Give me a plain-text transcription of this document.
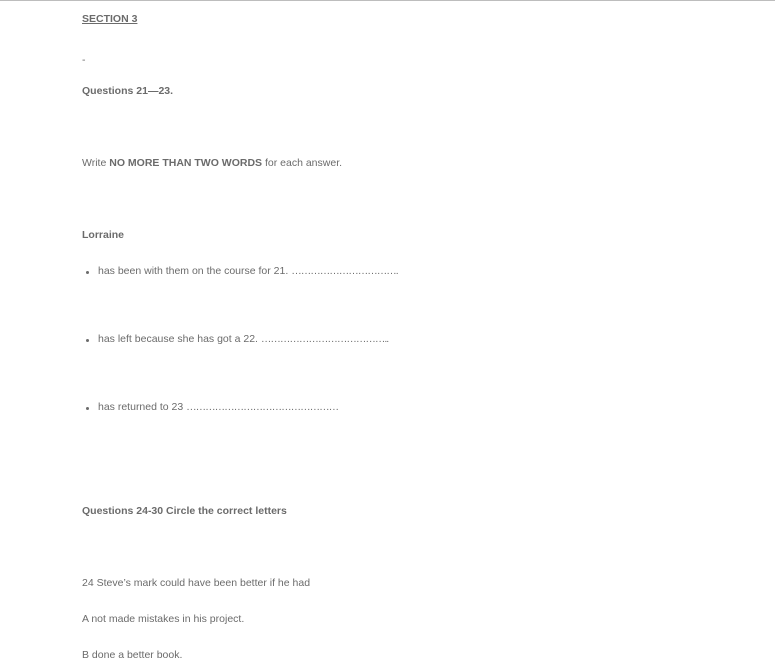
SECTION 3
-
Questions 21—23.
Write NO MORE THAN TWO WORDS for each answer.
Lorraine
has been with them on the course for 21. …………………………….
has left because she has got a 22. …………………………………..
has returned to 23 …………………………………………
Questions 24-30 Circle the correct letters
24 Steve’s mark could have been better if he had
A not made mistakes in his project.
B done a better book.
